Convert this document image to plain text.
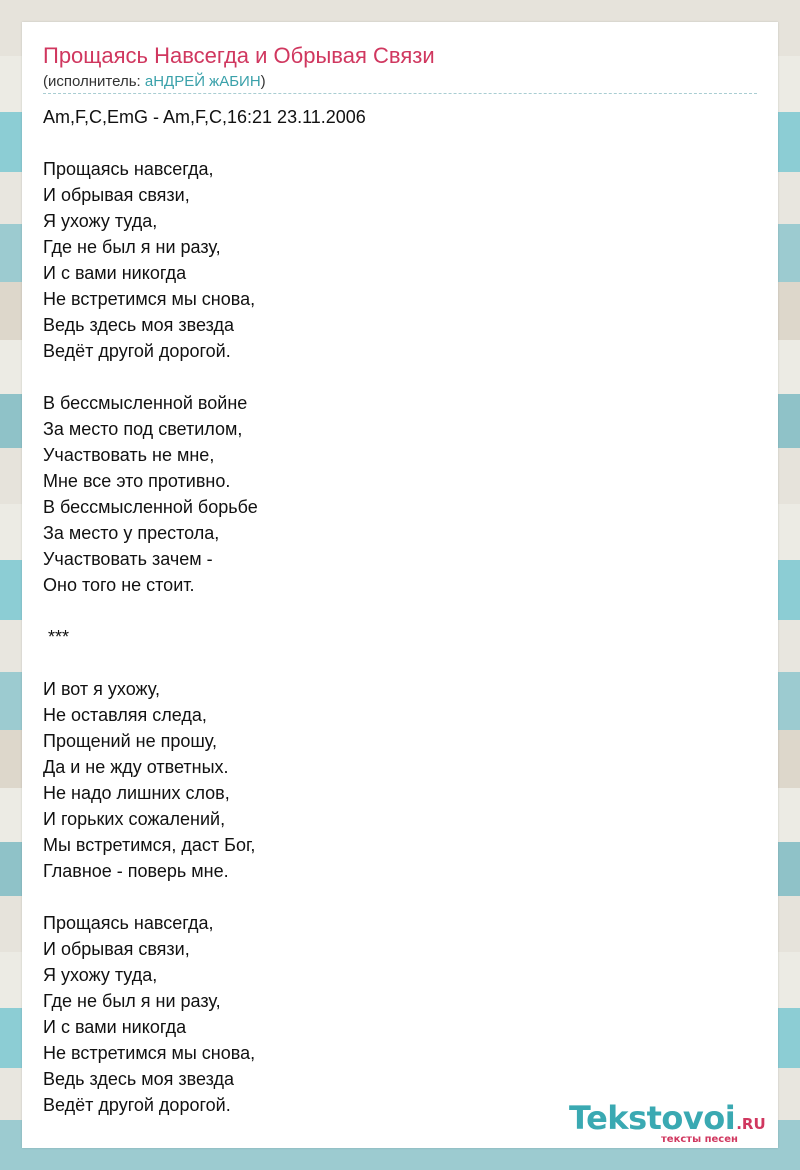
Прощаясь Навсегда и Обрывая Связи
(исполнитель: аНДРЕЙ жАБИН)
Am,F,C,EmG - Am,F,C,16:21 23.11.2006
Прощаясь навсегда,
И обрывая связи,
Я ухожу туда,
Где не был я ни разу,
И с вами никогда
Не встретимся мы снова,
Ведь здесь моя звезда
Ведёт другой дорогой.
В бессмысленной войне
За место под светилом,
Участвовать не мне,
Мне все это противно.
В бессмысленной борьбе
За место у престола,
Участвовать зачем -
Оно того не стоит.
***
И вот я ухожу,
Не оставляя следа,
Прощений не прошу,
Да и не жду ответных.
Не надо лишних слов,
И горьких сожалений,
Мы встретимся, даст Бог,
Главное - поверь мне.
Прощаясь навсегда,
И обрывая связи,
Я ухожу туда,
Где не был я ни разу,
И с вами никогда
Не встретимся мы снова,
Ведь здесь моя звезда
Ведёт другой дорогой.	Tekstovoi.RU
тексты песен
